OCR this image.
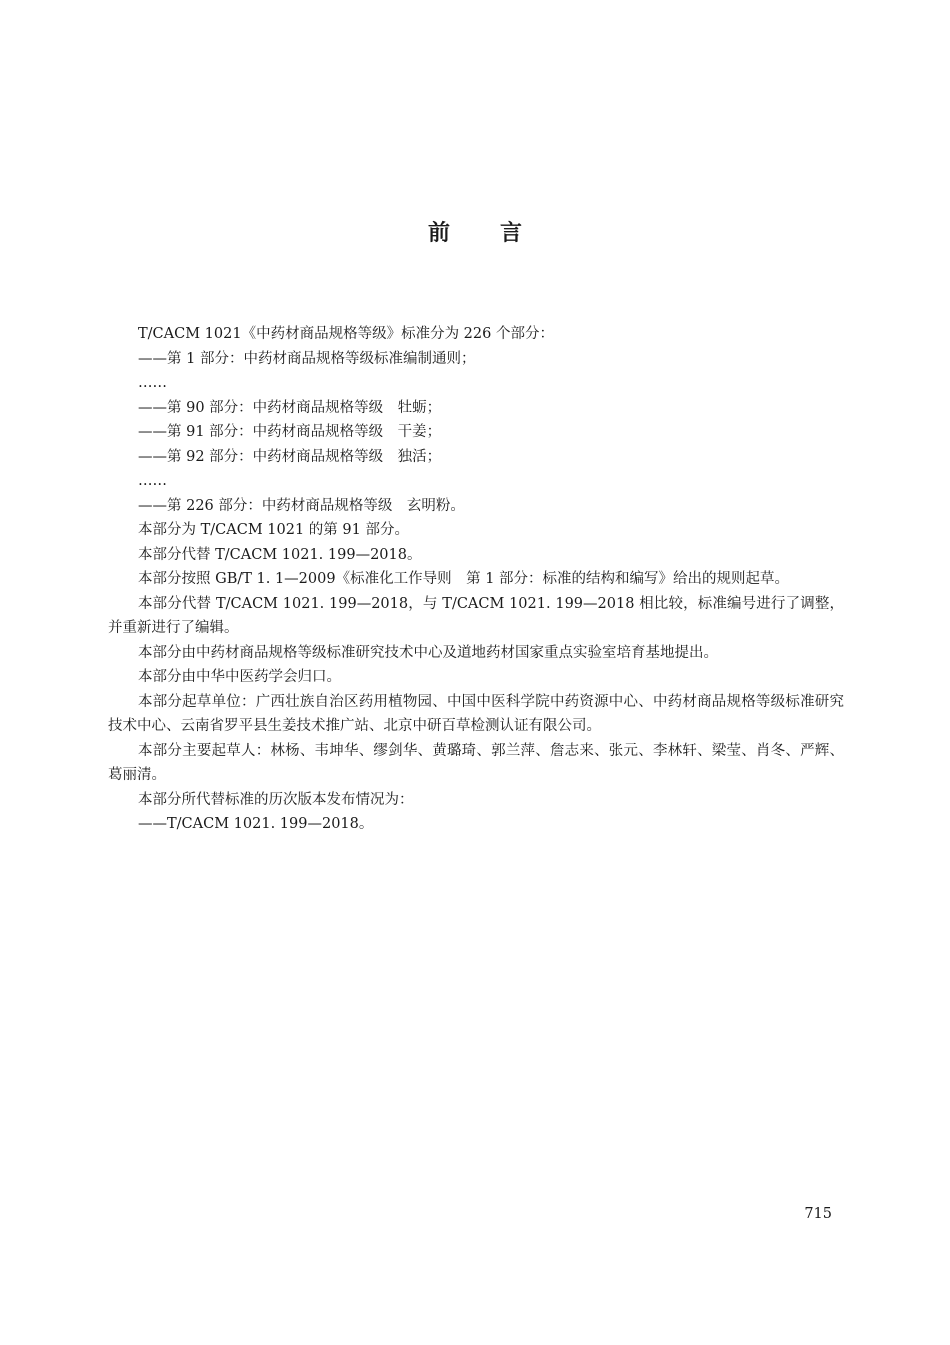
前 言

T/CACM 1021《中药材商品规格等级》标准分为 226 个部分：

——第 1 部分：中药材商品规格等级标准编制通则；

……

——第 90 部分：中药材商品规格等级　牡蛎；

——第 91 部分：中药材商品规格等级　干姜；

——第 92 部分：中药材商品规格等级　独活；

……

——第 226 部分：中药材商品规格等级　玄明粉。

本部分为 T/CACM 1021 的第 91 部分。

本部分代替 T/CACM 1021. 199—2018。

本部分按照 GB/T 1. 1—2009《标准化工作导则　第 1 部分：标准的结构和编写》给出的规则起草。

本部分代替 T/CACM 1021. 199—2018，与 T/CACM 1021. 199—2018 相比较，标准编号进行了调整，并重新进行了编辑。

本部分由中药材商品规格等级标准研究技术中心及道地药材国家重点实验室培育基地提出。

本部分由中华中医药学会归口。

本部分起草单位：广西壮族自治区药用植物园、中国中医科学院中药资源中心、中药材商品规格等级标准研究技术中心、云南省罗平县生姜技术推广站、北京中研百草检测认证有限公司。

本部分主要起草人：林杨、韦坤华、缪剑华、黄璐琦、郭兰萍、詹志来、张元、李林轩、梁莹、肖冬、严辉、葛丽清。

本部分所代替标准的历次版本发布情况为：

——T/CACM 1021. 199—2018。

715
